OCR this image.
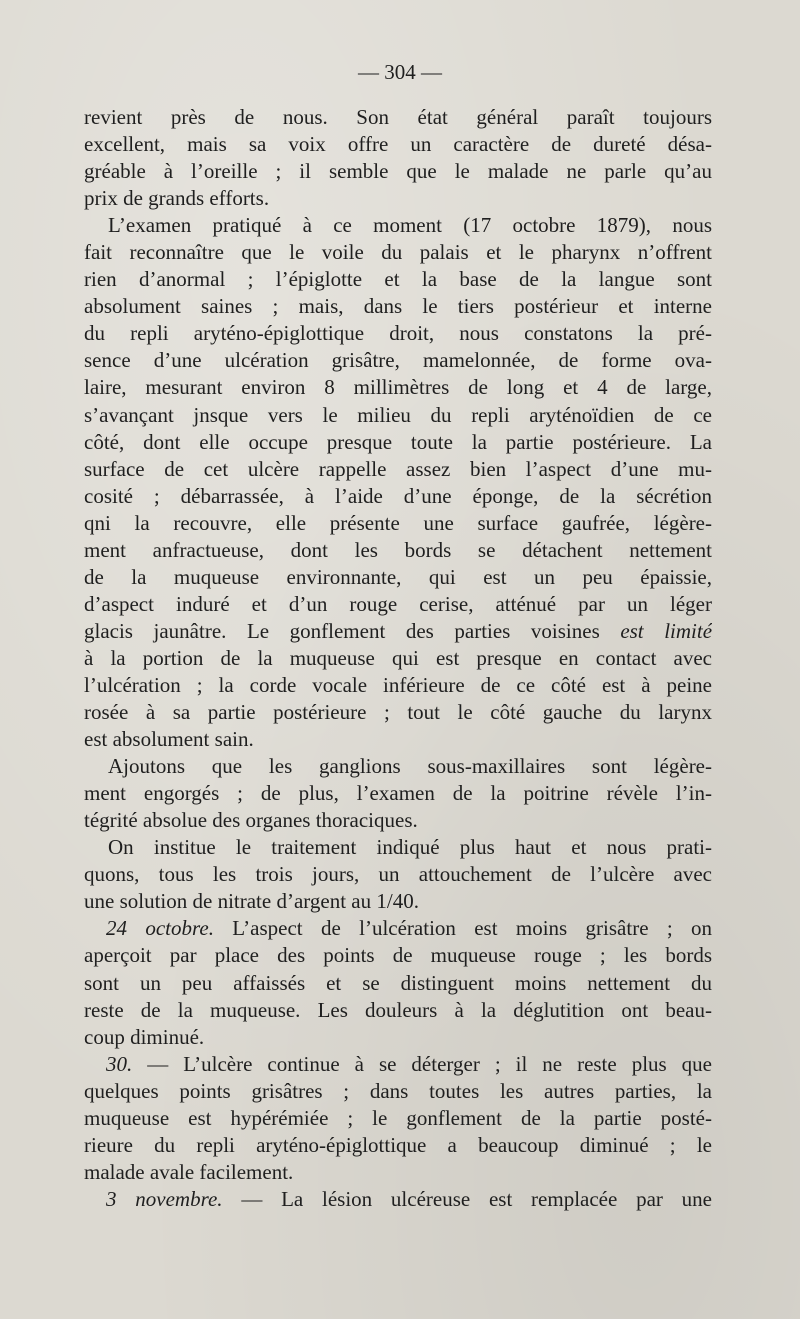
— 304 —
revient près de nous. Son état général paraît toujours
excellent, mais sa voix offre un caractère de dureté désa-
gréable à l’oreille ; il semble que le malade ne parle qu’au
prix de grands efforts.
L’examen pratiqué à ce moment (17 octobre 1879), nous
fait reconnaître que le voile du palais et le pharynx n’offrent
rien d’anormal ; l’épiglotte et la base de la langue sont
absolument saines ; mais, dans le tiers postérieur et interne
du repli aryténo-épiglottique droit, nous constatons la pré-
sence d’une ulcération grisâtre, mamelonnée, de forme ova-
laire, mesurant environ 8 millimètres de long et 4 de large,
s’avançant jnsque vers le milieu du repli aryténoïdien de ce
côté, dont elle occupe presque toute la partie postérieure. La
surface de cet ulcère rappelle assez bien l’aspect d’une mu-
cosité ; débarrassée, à l’aide d’une éponge, de la sécrétion
qni la recouvre, elle présente une surface gaufrée, légère-
ment anfractueuse, dont les bords se détachent nettement
de la muqueuse environnante, qui est un peu épaissie,
d’aspect induré et d’un rouge cerise, atténué par un léger
glacis jaunâtre. Le gonflement des parties voisines est limité
à la portion de la muqueuse qui est presque en contact avec
l’ulcération ; la corde vocale inférieure de ce côté est à peine
rosée à sa partie postérieure ; tout le côté gauche du larynx
est absolument sain.
Ajoutons que les ganglions sous-maxillaires sont légère-
ment engorgés ; de plus, l’examen de la poitrine révèle l’in-
tégrité absolue des organes thoraciques.
On institue le traitement indiqué plus haut et nous prati-
quons, tous les trois jours, un attouchement de l’ulcère avec
une solution de nitrate d’argent au 1/40.
24 octobre. L’aspect de l’ulcération est moins grisâtre ; on
aperçoit par place des points de muqueuse rouge ; les bords
sont un peu affaissés et se distinguent moins nettement du
reste de la muqueuse. Les douleurs à la déglutition ont beau-
coup diminué.
30. — L’ulcère continue à se déterger ; il ne reste plus que
quelques points grisâtres ; dans toutes les autres parties, la
muqueuse est hypérémiée ; le gonflement de la partie posté-
rieure du repli aryténo-épiglottique a beaucoup diminué ; le
malade avale facilement.
3 novembre. — La lésion ulcéreuse est remplacée par une
